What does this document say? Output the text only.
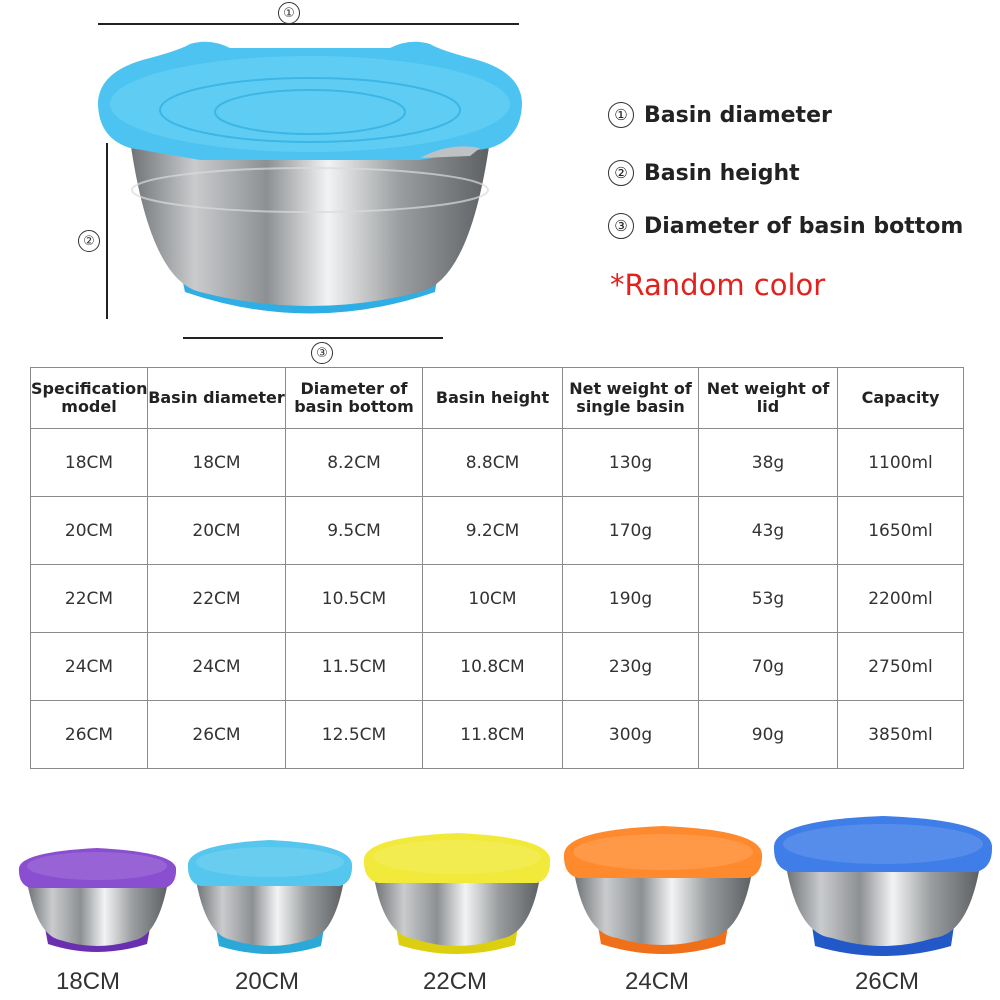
①
②
③
① Basin diameter
② Basin height
③ Diameter of basin bottom
*Random color
Specification model	Basin diameter	Diameter of basin bottom	Basin height	Net weight of single basin	Net weight of lid	Capacity
18CM	18CM	8.2CM	8.8CM	130g	38g	1100ml
20CM	20CM	9.5CM	9.2CM	170g	43g	1650ml
22CM	22CM	10.5CM	10CM	190g	53g	2200ml
24CM	24CM	11.5CM	10.8CM	230g	70g	2750ml
26CM	26CM	12.5CM	11.8CM	300g	90g	3850ml
18CM	20CM	22CM	24CM	26CM
